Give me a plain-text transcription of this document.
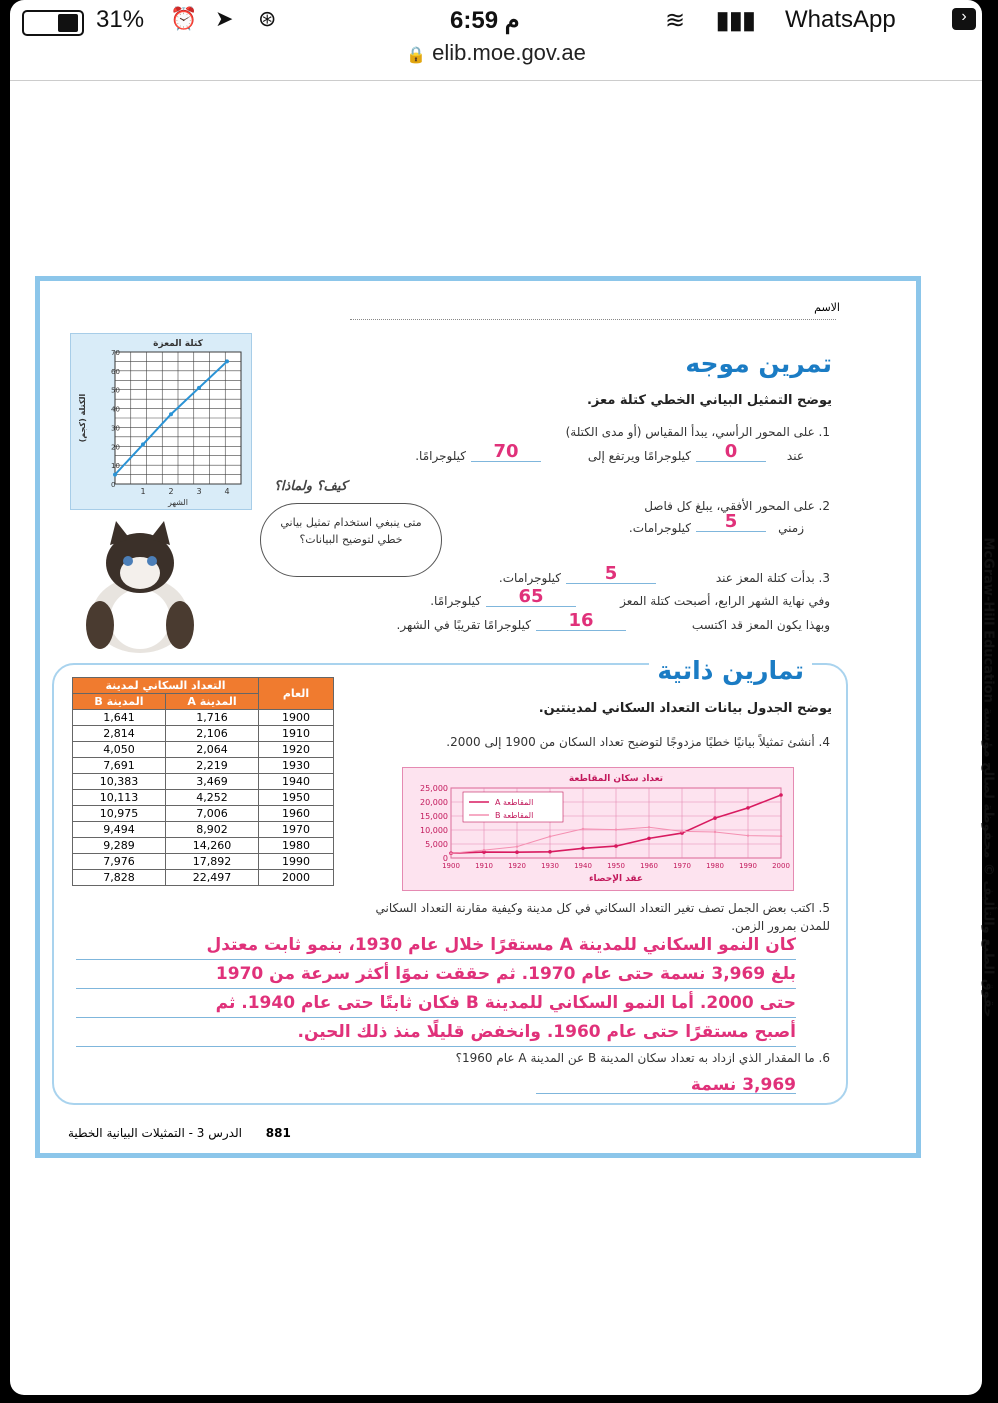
31% ⏰ ➤ ⊛	6:59 م	≋ ▮▮▮ WhatsApp	›
🔒 elib.moe.gov.ae
الاسم
تمرين موجه
يوضح التمثيل البياني الخطي كتلة معز.
1. على المحور الرأسي، يبدأ المقياس (أو مدى الكتلة)
عند
0
كيلوجرامًا ويرتفع إلى
70
كيلوجرامًا.
2. على المحور الأفقي، يبلغ كل فاصل
زمني
5
كيلوجرامات.
3. بدأت كتلة المعز عند
5
كيلوجرامات.
وفي نهاية الشهر الرابع، أصبحت كتلة المعز
65
كيلوجرامًا.
وبهذا يكون المعز قد اكتسب
16
كيلوجرامًا تقريبًا في الشهر.
0
10
20
30
40
50
60
70
1	2	3	4
كتلة المعزة
الشهر
الكتلة (كجم)
كيف؟ ولماذا؟
متى ينبغي استخدام تمثيل بياني خطي لتوضيح البيانات؟
تمارين ذاتية
يوضح الجدول بيانات التعداد السكاني لمدينتين.
التعداد السكاني لمدينة		العام
المدينة B	المدينة A	
1,641	1,716	1900
2,814	2,106	1910
4,050	2,064	1920
7,691	2,219	1930
10,383	3,469	1940
10,113	4,252	1950
10,975	7,006	1960
9,494	8,902	1970
9,289	14,260	1980
7,976	17,892	1990
7,828	22,497	2000
4. أنشئ تمثيلاً بيانيًا خطيًا مزدوجًا لتوضيح تعداد السكان من 1900 إلى 2000.
0
5,000
10,000
15,000
20,000
25,000
1900 1910 1920 1930 1940 1950 1960 1970 1980 1990 2000
تعداد سكان المقاطعة
عقد الإحصاء
A المقاطعة
B المقاطعة
5. اكتب بعض الجمل تصف تغير التعداد السكاني في كل مدينة وكيفية مقارنة التعداد السكاني للمدن بمرور الزمن.
كان النمو السكاني للمدينة A مستقرًا خلال عام 1930، بنمو ثابت معتدل
بلغ 3,969 نسمة حتى عام 1970. ثم حققت نموًا أكثر سرعة من 1970
حتى 2000. أما النمو السكاني للمدينة B فكان ثابتًا حتى عام 1940. ثم
أصبح مستقرًا حتى عام 1960. وانخفض قليلًا منذ ذلك الحين.
6. ما المقدار الذي ازداد به تعداد سكان المدينة B عن المدينة A عام 1960؟
3,969 نسمة
881 الدرس 3 - التمثيلات البيانية الخطية
حقوق الطبع والتأليف © محفوظة لصالح مؤسسة McGraw-Hill Education
